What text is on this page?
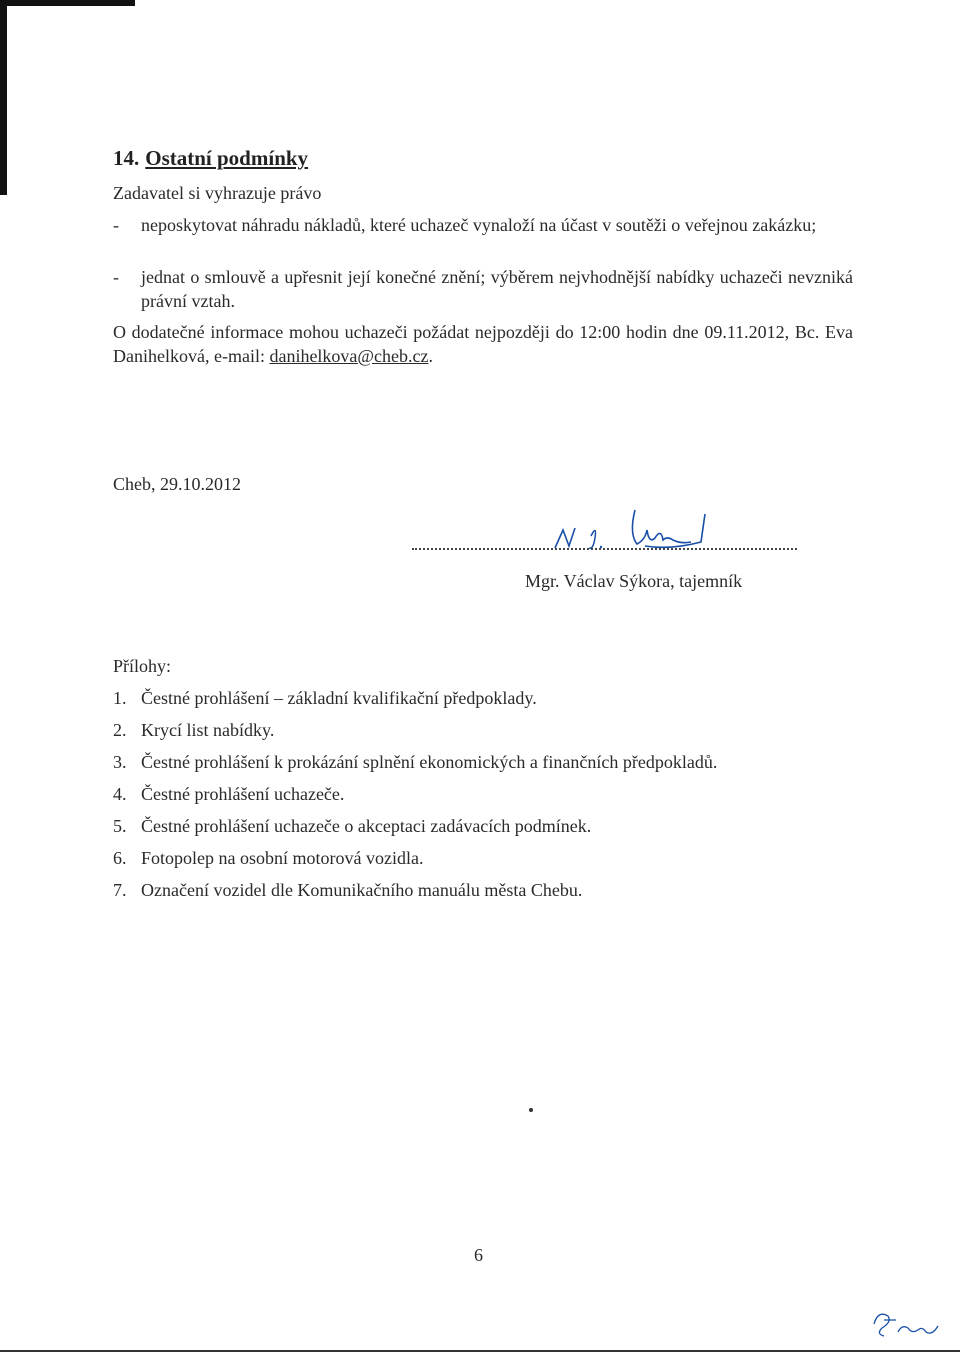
14. Ostatní podmínky

Zadavatel si vyhrazuje právo

- neposkytovat náhradu nákladů, které uchazeč vynaloží na účast v soutěži o veřejnou zakázku;
- jednat o smlouvě a upřesnit její konečné znění; výběrem nejvhodnější nabídky uchazeči nevzniká právní vztah.

O dodatečné informace mohou uchazeči požádat nejpozději do 12:00 hodin dne 09.11.2012, Bc. Eva Danihelková, e-mail: danihelkova@cheb.cz.

Cheb, 29.10.2012

Mgr. Václav Sýkora, tajemník

Přílohy:

1. Čestné prohlášení – základní kvalifikační předpoklady.
2. Krycí list nabídky.
3. Čestné prohlášení k prokázání splnění ekonomických a finančních předpokladů.
4. Čestné prohlášení uchazeče.
5. Čestné prohlášení uchazeče o akceptaci zadávacích podmínek.
6. Fotopolep na osobní motorová vozidla.
7. Označení vozidel dle Komunikačního manuálu města Chebu.

6
